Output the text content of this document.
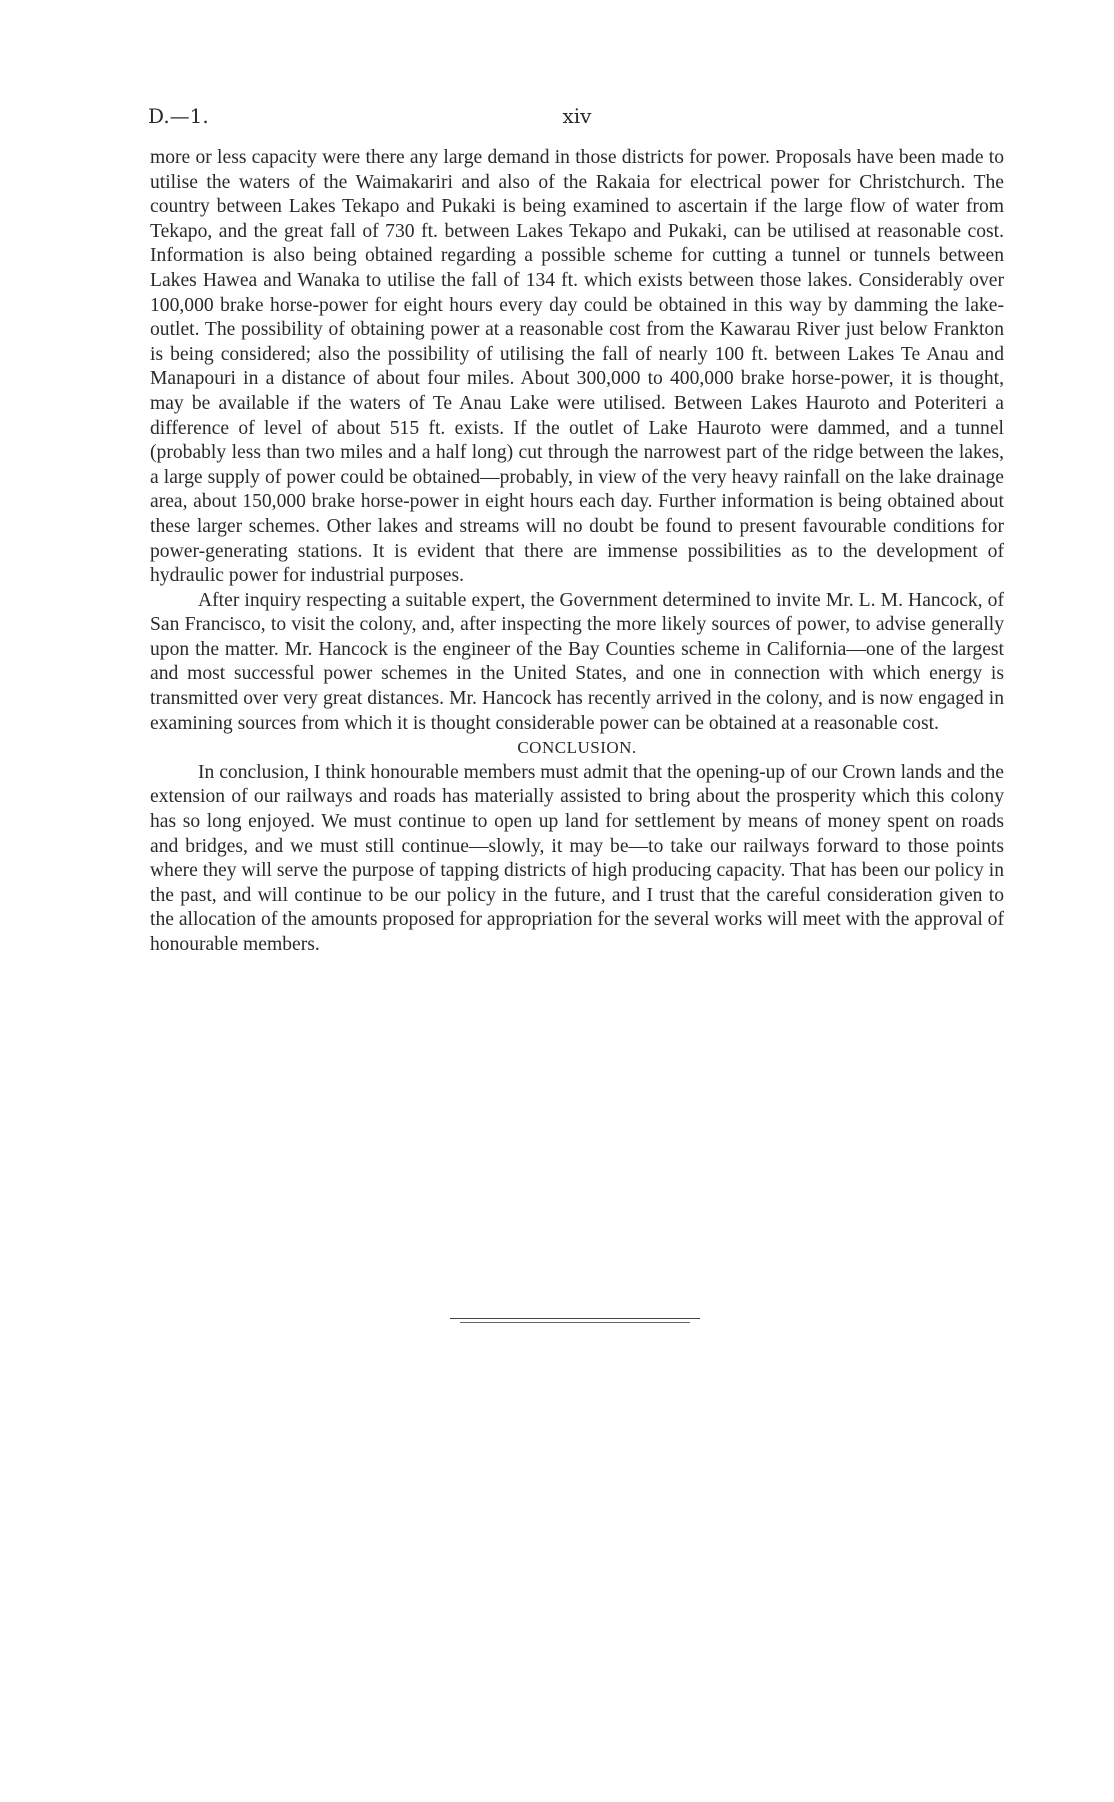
D.—1.	xiv

more or less capacity were there any large demand in those districts for power. Proposals have been made to utilise the waters of the Waimakariri and also of the Rakaia for electrical power for Christchurch. The country between Lakes Tekapo and Pukaki is being examined to ascertain if the large flow of water from Tekapo, and the great fall of 730 ft. between Lakes Tekapo and Pukaki, can be utilised at reasonable cost. Information is also being obtained regarding a possible scheme for cutting a tunnel or tunnels between Lakes Hawea and Wanaka to utilise the fall of 134 ft. which exists between those lakes. Considerably over 100,000 brake horse-power for eight hours every day could be obtained in this way by damming the lake-outlet. The possibility of obtaining power at a reasonable cost from the Kawarau River just below Frankton is being considered; also the possibility of utilising the fall of nearly 100 ft. between Lakes Te Anau and Manapouri in a distance of about four miles. About 300,000 to 400,000 brake horse-power, it is thought, may be available if the waters of Te Anau Lake were utilised. Between Lakes Hauroto and Poteriteri a difference of level of about 515 ft. exists. If the outlet of Lake Hauroto were dammed, and a tunnel (probably less than two miles and a half long) cut through the narrowest part of the ridge between the lakes, a large supply of power could be obtained—probably, in view of the very heavy rainfall on the lake drainage area, about 150,000 brake horse-power in eight hours each day. Further information is being obtained about these larger schemes. Other lakes and streams will no doubt be found to present favourable conditions for power-generating stations. It is evident that there are immense possibilities as to the development of hydraulic power for industrial purposes.

After inquiry respecting a suitable expert, the Government determined to invite Mr. L. M. Hancock, of San Francisco, to visit the colony, and, after inspecting the more likely sources of power, to advise generally upon the matter. Mr. Hancock is the engineer of the Bay Counties scheme in California—one of the largest and most successful power schemes in the United States, and one in connection with which energy is transmitted over very great distances. Mr. Hancock has recently arrived in the colony, and is now engaged in examining sources from which it is thought considerable power can be obtained at a reasonable cost.

CONCLUSION.

In conclusion, I think honourable members must admit that the opening-up of our Crown lands and the extension of our railways and roads has materially assisted to bring about the prosperity which this colony has so long enjoyed. We must continue to open up land for settlement by means of money spent on roads and bridges, and we must still continue—slowly, it may be—to take our railways forward to those points where they will serve the purpose of tapping districts of high producing capacity. That has been our policy in the past, and will continue to be our policy in the future, and I trust that the careful consideration given to the allocation of the amounts proposed for appropriation for the several works will meet with the approval of honourable members.
